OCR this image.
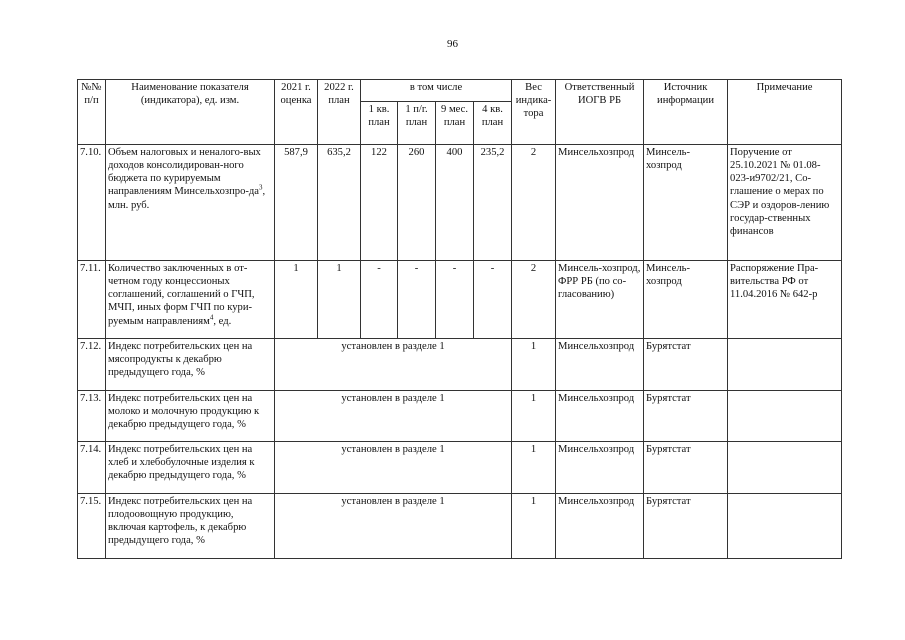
96
№№ п/п	Наименование показателя (индикатора), ед. изм.	2021 г. оценка	2022 г. план	в том числе				Вес индика-тора	Ответственный ИОГВ РБ	Источник информации	Примечание
				1 кв. план	1 п/г. план	9 мес. план	4 кв. план				
7.10.	Объем налоговых и неналого-вых доходов консолидирован-ного бюджета по курируемым направлениям Минсельхозпро-$да^3$, млн. руб.	587,9	635,2	122	260	400	235,2	2	Минсельхозпрод	Минсель-хозпрод	Поручение от 25.10.2021 № 01.08-023-и9702/21, Со-глашение о мерах по СЭР и оздоров-лению государ-ственных финансов
7.11.	Количество заключенных в от-четном году концессионых соглашений, соглашений о ГЧП, МЧП, иных форм ГЧП по кури-руемым направлениям$^4$, ед.	1	1	-	-	-	-	2	Минсель-хозпрод, ФРР РБ (по со-гласованию)	Минсель-хозпрод	Распоряжение Пра-вительства РФ от 11.04.2016 № 642-р
7.12.	Индекс потребительских цен на мясопродукты к декабрю предыдущего года, %	установлен в разделе 1						1	Минсельхозпрод	Бурятстат	
7.13.	Индекс потребительских цен на молоко и молочную продукцию к декабрю предыдущего года, %	установлен в разделе 1						1	Минсельхозпрод	Бурятстат	
7.14.	Индекс потребительских цен на хлеб и хлебобулочные изделия к декабрю предыдущего года, %	установлен в разделе 1						1	Минсельхозпрод	Бурятстат	
7.15.	Индекс потребительских цен на плодоовощную продукцию, включая картофель, к декабрю предыдущего года, %	установлен в разделе 1						1	Минсельхозпрод	Бурятстат	
